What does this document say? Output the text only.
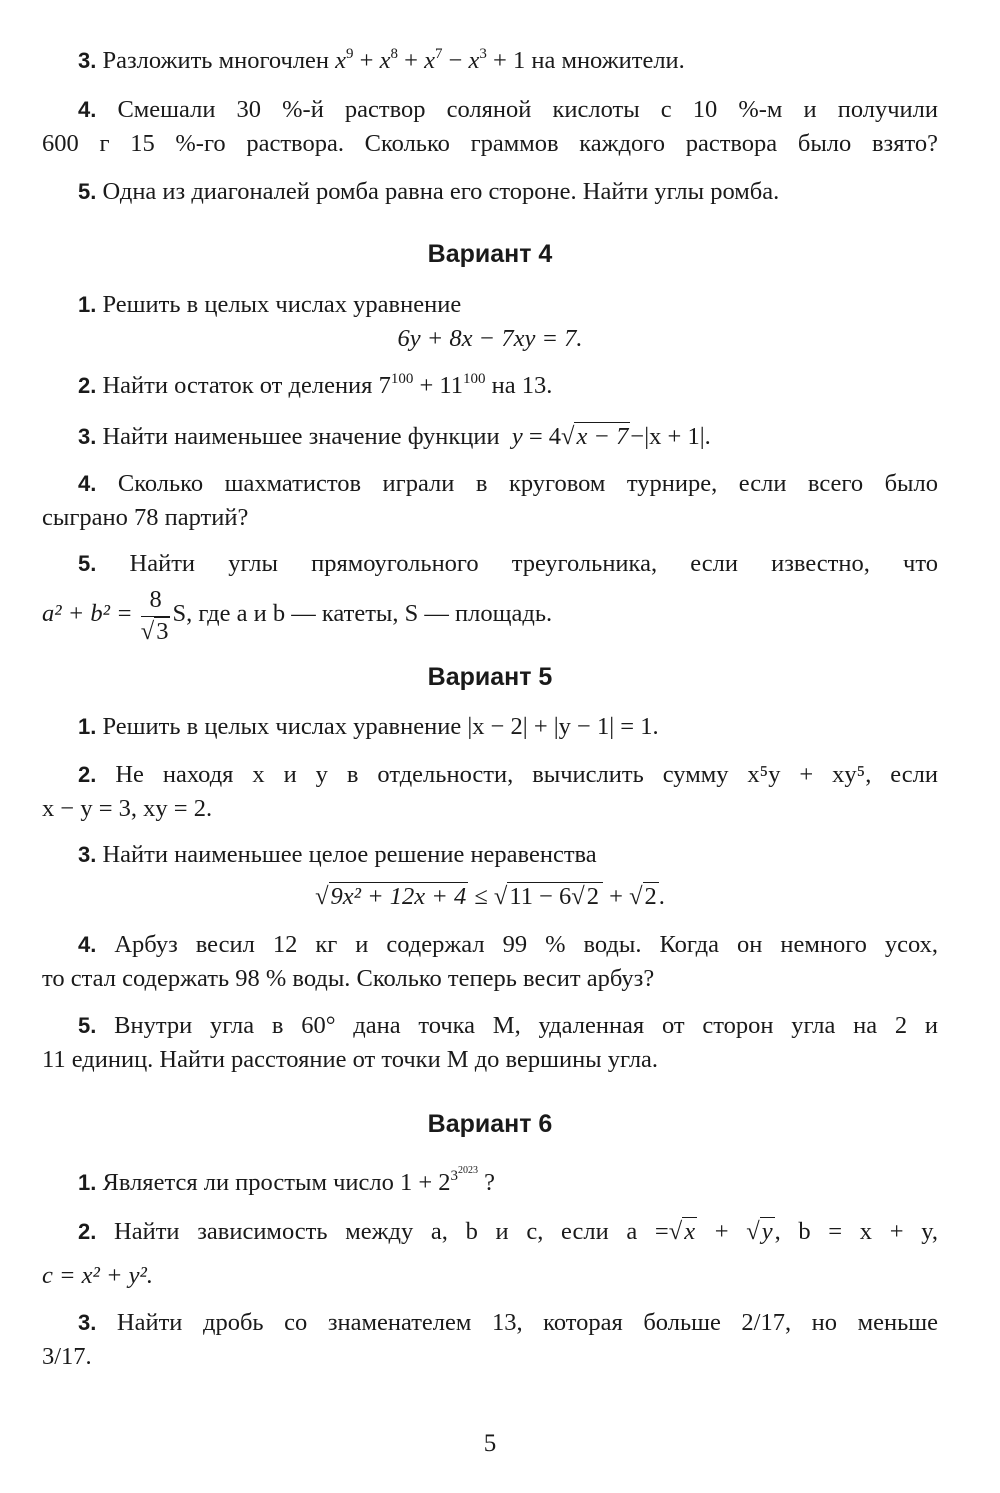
3. Разложить многочлен $x^9 + x^8 + x^7 - x^3 + 1$ на множители.
4. Смешали 30 %-й раствор соляной кислоты с 10 %-м и получили
600 г 15 %-го раствора. Сколько граммов каждого раствора было взято?
5. Одна из диагоналей ромба равна его стороне. Найти углы ромба.
Вариант 4
1. Решить в целых числах уравнение
6y + 8x − 7xy = 7.
2. Найти остаток от деления $7^{100} + 11^{100}$ на 13.
3. Найти наименьшее значение функции y = 4√x − 7−|x + 1|.
4. Сколько шахматистов играли в круговом турнире, если всего было
сыграно 78 партий?
5. Найти углы прямоугольного треугольника, если известно, что
$a^2 + b^2 = \frac{8}{√3} S$, где a и b — катеты, S — площадь.
Вариант 5
1. Решить в целых числах уравнение |x − 2| + |y − 1| = 1.
2. Не находя x и y в отдельности, вычислить сумму x⁵y + xy⁵, если
x − y = 3, xy = 2.
3. Найти наименьшее целое решение неравенства
√9x² + 12x + 4 ≤ √11 − 6√2 + √2.
4. Арбуз весил 12 кг и содержал 99 % воды. Когда он немного усох,
то стал содержать 98 % воды. Сколько теперь весит арбуз?
5. Внутри угла в 60° дана точка M, удаленная от сторон угла на 2 и
11 единиц. Найти расстояние от точки M до вершины угла.
Вариант 6
1. Является ли простым число $1 + 2^{3^{2023}}$ ?
2. Найти зависимость между a, b и c, если a =√x + √y, b = x + y,
c = x² + y².
3. Найти дробь со знаменателем 13, которая больше 2/17, но меньше
3/17.
5
